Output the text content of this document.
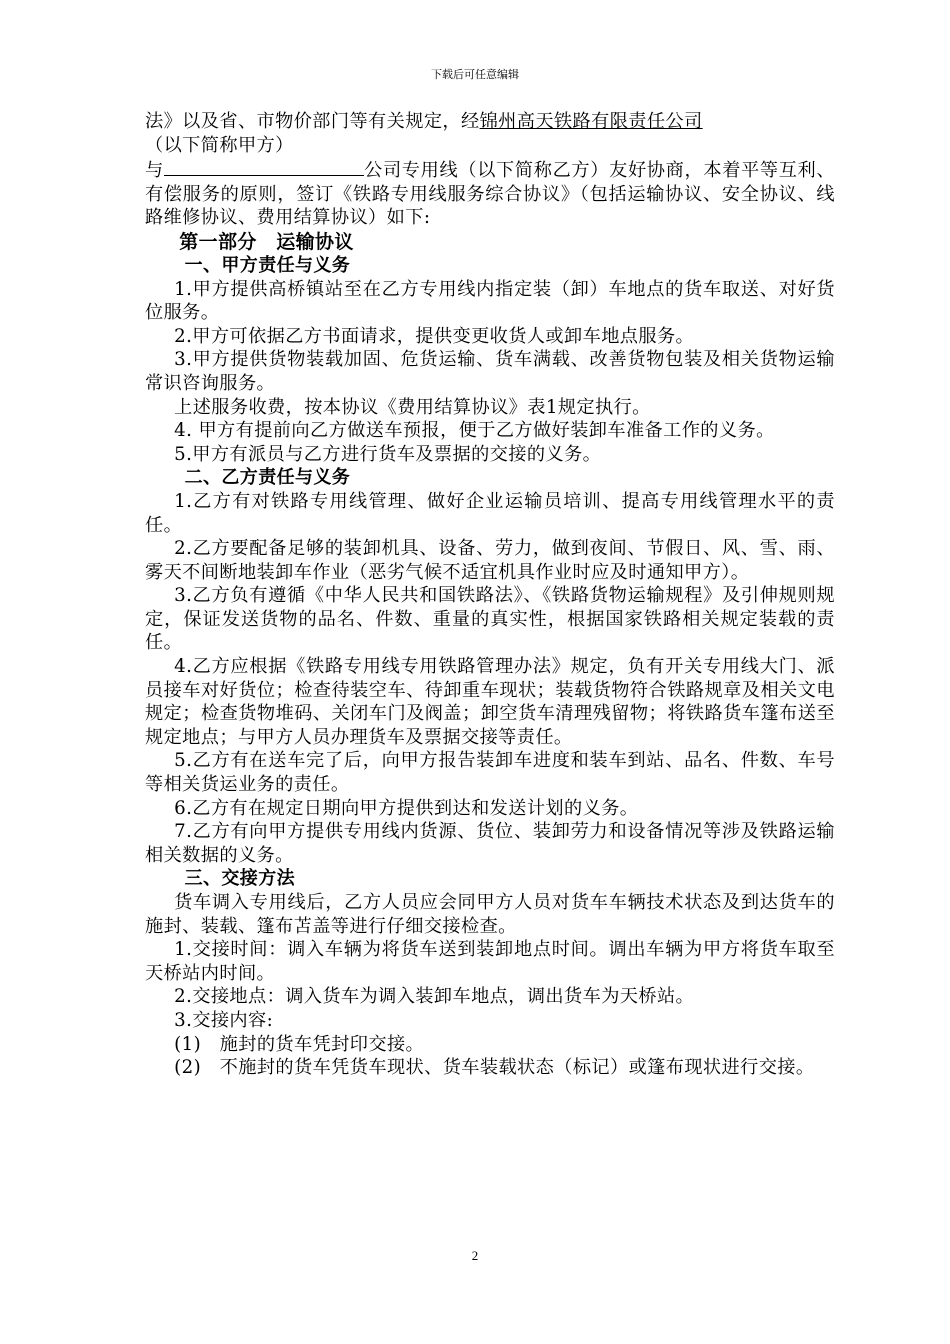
下载后可任意编辑

法》以及省、市物价部门等有关规定，经锦州高天铁路有限责任公司

（以下简称甲方）

与	公司专用线（以下简称乙方）友好协商，本着平等互利、有偿服务的原则，签订《铁路专用线服务综合协议》（包括运输协议、安全协议、线路维修协议、费用结算协议）如下:

第一部分　运输协议

一、甲方责任与义务

1.甲方提供高桥镇站至在乙方专用线内指定装（卸）车地点的货车取送、对好货位服务。

2.甲方可依据乙方书面请求，提供变更收货人或卸车地点服务。

3.甲方提供货物装载加固、危货运输、货车满载、改善货物包装及相关货物运输常识咨询服务。

上述服务收费，按本协议《费用结算协议》表1规定执行。

4. 甲方有提前向乙方做送车预报，便于乙方做好装卸车准备工作的义务。

5.甲方有派员与乙方进行货车及票据的交接的义务。

二、乙方责任与义务

1.乙方有对铁路专用线管理、做好企业运输员培训、提高专用线管理水平的责任。

2.乙方要配备足够的装卸机具、设备、劳力，做到夜间、节假日、风、雪、雨、雾天不间断地装卸车作业（恶劣气候不适宜机具作业时应及时通知甲方）。

3.乙方负有遵循《中华人民共和国铁路法》、《铁路货物运输规程》及引伸规则规定，保证发送货物的品名、件数、重量的真实性，根据国家铁路相关规定装载的责任。

4.乙方应根据《铁路专用线专用铁路管理办法》规定，负有开关专用线大门、派员接车对好货位；检查待装空车、待卸重车现状；装载货物符合铁路规章及相关文电规定；检查货物堆码、关闭车门及阀盖；卸空货车清理残留物；将铁路货车篷布送至规定地点；与甲方人员办理货车及票据交接等责任。

5.乙方有在送车完了后，向甲方报告装卸车进度和装车到站、品名、件数、车号等相关货运业务的责任。

6.乙方有在规定日期向甲方提供到达和发送计划的义务。

7.乙方有向甲方提供专用线内货源、货位、装卸劳力和设备情况等涉及铁路运输相关数据的义务。

三、交接方法

货车调入专用线后，乙方人员应会同甲方人员对货车车辆技术状态及到达货车的施封、装载、篷布苫盖等进行仔细交接检查。

1.交接时间：调入车辆为将货车送到装卸地点时间。调出车辆为甲方将货车取至天桥站内时间。

2.交接地点：调入货车为调入装卸车地点，调出货车为天桥站。

3.交接内容:

(1)　施封的货车凭封印交接。

(2)　不施封的货车凭货车现状、货车装载状态（标记）或篷布现状进行交接。

2
